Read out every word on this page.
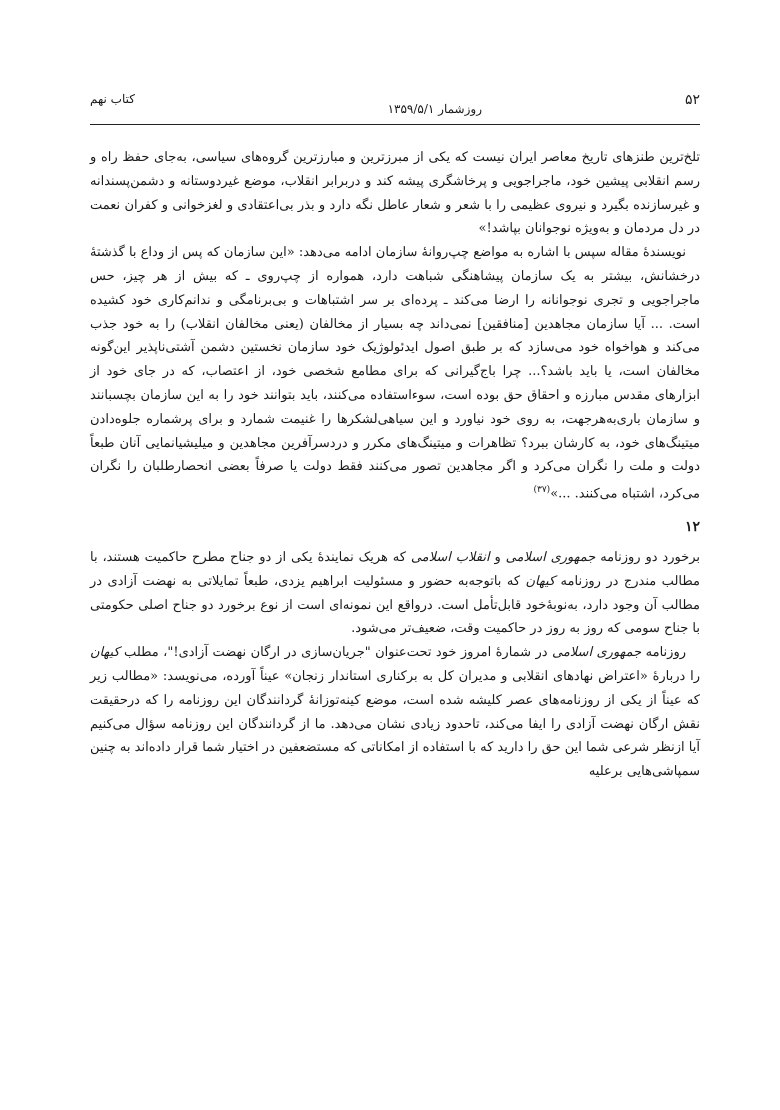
۵۲
روزشمار ۱۳۵۹/۵/۱
کتاب نهم

تلخ‌ترین طنزهای تاریخ معاصر ایران نیست که یکی از مبرزترین و مبارزترین گروه‌های سیاسی، به‌جای حفظ راه و رسم انقلابی پیشین خود، ماجراجویی و پرخاشگری پیشه کند و دربرابر انقلاب، موضع غیردوستانه و دشمن‌پسندانه و غیرسازنده بگیرد و نیروی عظیمی را با شعر و شعار عاطل نگه دارد و بذر بی‌اعتقادی و لغزخوانی و کفران نعمت در دل مردمان و به‌ویژه نوجوانان بپاشد!»

نویسندهٔ مقاله سپس با اشاره به مواضع چپ‌روانهٔ سازمان ادامه می‌دهد: «این سازمان که پس از وداع با گذشتهٔ درخشانش، بیشتر به یک سازمان پیشاهنگی شباهت دارد، همواره از چپ‌روی ـ که بیش از هر چیز، حس ماجراجویی و تجری نوجوانانه را ارضا می‌کند ـ پرده‌ای بر سر اشتباهات و بی‌برنامگی و ندانم‌کاری خود کشیده است. ... آیا سازمان مجاهدین [منافقین] نمی‌داند چه بسیار از مخالفان (یعنی مخالفان انقلاب) را به خود جذب می‌کند و هواخواه خود می‌سازد که بر طبق اصول ایدئولوژیک خود سازمان نخستین دشمن آشتی‌ناپذیر این‌گونه مخالفان است، یا باید باشد؟... چرا باج‌گیرانی که برای مطامع شخصی خود، از اعتصاب، که در جای خود از ابزارهای مقدس مبارزه و احقاق حق بوده است، سوءاستفاده می‌کنند، باید بتوانند خود را به این سازمان بچسبانند و سازمان باری‌به‌هرجهت، به روی خود نیاورد و این سیاهی‌لشکرها را غنیمت شمارد و برای پرشماره جلوه‌دادن میتینگ‌های خود، به کارشان ببرد؟ تظاهرات و میتینگ‌های مکرر و دردسرآفرین مجاهدین و میلیشیانمایی آنان طبعاً دولت و ملت را نگران می‌کرد و اگر مجاهدین تصور می‌کنند فقط دولت یا صرفاً بعضی انحصارطلبان را نگران می‌کرد، اشتباه می‌کنند. ...»$^{(۳۷)}$

۱۲

برخورد دو روزنامه جمهوری اسلامی و انقلاب اسلامی که هریک نمایندهٔ یکی از دو جناح مطرح حاکمیت هستند، با مطالب مندرج در روزنامه کیهان که باتوجه‌به حضور و مسئولیت ابراهیم یزدی، طبعاً تمایلاتی به نهضت آزادی در مطالب آن وجود دارد، به‌نوبهٔ‌خود قابل‌تأمل است. درواقع این نمونه‌ای است از نوع برخورد دو جناح اصلی حکومتی با جناح سومی که روز به روز در حاکمیت وقت، ضعیف‌تر می‌شود.

روزنامه جمهوری اسلامی در شمارهٔ امروز خود تحت‌عنوان "جریان‌سازی در ارگان نهضت آزادی!"، مطلب کیهان را دربارهٔ «اعتراض نهادهای انقلابی و مدیران کل به برکناری استاندار زنجان» عیناً آورده، می‌نویسد: «مطالب زیر که عیناً از یکی از روزنامه‌های عصر کلیشه شده است، موضع کینه‌توزانهٔ گردانندگان این روزنامه را که درحقیقت نقش ارگان نهضت آزادی را ایفا می‌کند، تاحدود زیادی نشان می‌دهد. ما از گردانندگان این روزنامه سؤال می‌کنیم آیا ازنظر شرعی شما این حق را دارید که با استفاده از امکاناتی که مستضعفین در اختیار شما قرار داده‌اند به چنین سمپاشی‌هایی برعلیه
